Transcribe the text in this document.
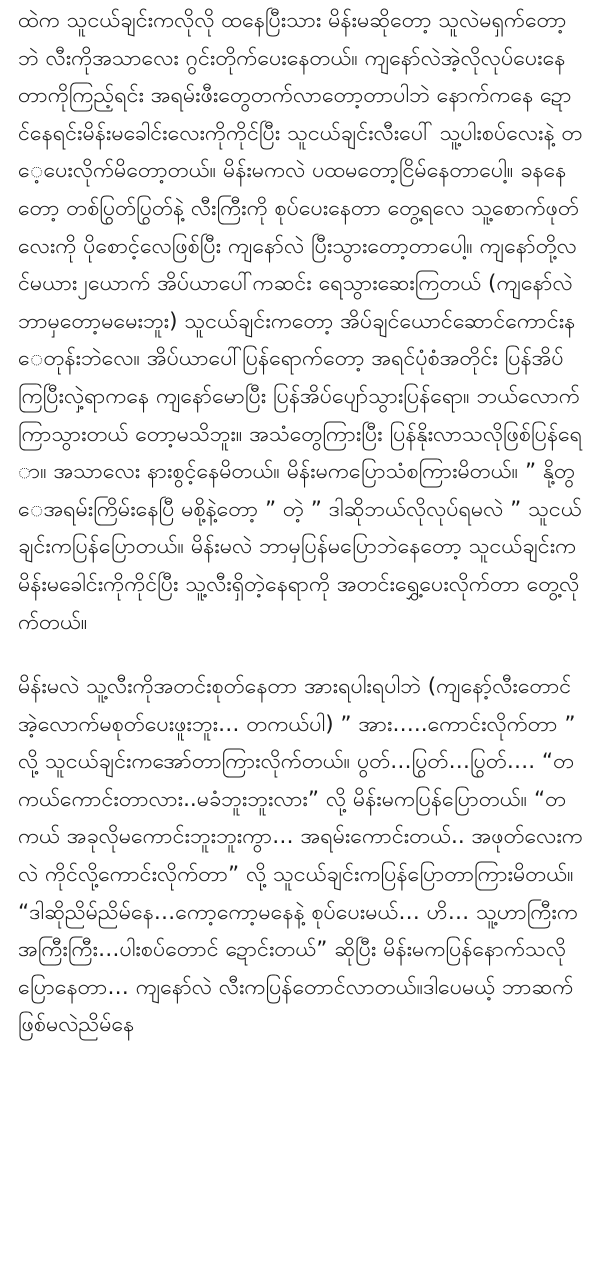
ထဲက သူငယ်ချင်းကလိုလို ထနေပြီးသား မိန်းမဆိုတော့ သူလဲမရှက်တော့ဘဲ လီးကိုအသာလေး ဂွင်းတိုက်ပေးနေတယ်။ ကျနော်လဲအဲ့လိုလုပ်ပေးနေတာကိုကြည့်ရင်း အရမ်းဖီးတွေတက်လာတော့တာပါဘဲ နောက်ကနေ ဍော င်နေရင်းမိန်းမခေါင်းလေးကိုကိုင်ပြီး သူငယ်ချင်းလီးပေါ် သူ့ပါးစပ်လေးနဲ့ တေ့ပေးလိုက်မိတော့တယ်။ မိန်းမကလဲ ပထမတော့ငြိမ်နေတာပေါ့။ ခနနေတော့ တစ်ပြွတ်ပြွတ်နဲ့ လီးကြီးကို စုပ်ပေးနေတာ တွေ့ရလေ သူ့စောက်ဖုတ်လေးကို ပိုစောင့်လေဖြစ်ပြီး ကျနော်လဲ ပြီးသွားတော့တာပေါ့။ ကျနော်တို့လင်မယား၂ယောက် အိပ်ယာပေါ်ကဆင်း ရေသွားဆေးကြတယ် (ကျနော်လဲ ဘာမှတော့မမေးဘူး) သူငယ်ချင်းကတော့ အိပ်ချင်ယောင်ဆောင်ကောင်းနေတုန်းဘဲလေ။ အိပ်ယာပေါ်ပြန်ရောက်တော့ အရင်ပုံစံအတိုင်း ပြန်အိပ်ကြပြီးလှဲ့ရာကနေ ကျနော်မောပြီး ပြန်အိပ်ပျော်သွားပြန်ရော။ ဘယ်လောက် ကြာသွားတယ် တော့မသိဘူး။ အသံတွေကြားပြီး ပြန်နိုးလာသလိုဖြစ်ပြန်ရော။ အသာလေး နားစွင့်နေမိတယ်။ မိန်းမကပြောသံစကြားမိတယ်။ ” နို့တွေအရမ်းကြိမ်းနေပြီ မစို့နဲ့တော့ ” တဲ့ ” ဒါဆိုဘယ်လိုလုပ်ရမလဲ ” သူငယ်ချင်းကပြန်ပြောတယ်။ မိန်းမလဲ ဘာမှပြန်မပြောဘဲနေတော့ သူငယ်ချင်းက မိန်းမခေါင်းကိုကိုင်ပြီး သူ့လီးရှိတဲ့နေရာကို အတင်းရွှေ့ပေးလိုက်တာ တွေ့လိုက်တယ်။

မိန်းမလဲ သူ့လီးကိုအတင်းစုတ်နေတာ အားရပါးရပါဘဲ (ကျနော့်လီးတောင် အဲ့လောက်မစုတ်ပေးဖူးဘူး… တကယ်ပါ) ” အား…..ကောင်းလိုက်တာ ” လို့ သူငယ်ချင်းကအော်တာကြားလိုက်တယ်။ ပွတ်…ပြွတ်…ပြွတ်…. “တကယ်ကောင်းတာလား..မခံဘူးဘူးလား” လို့ မိန်းမကပြန်ပြောတယ်။ “တကယ် အခုလိုမကောင်းဘူးဘူးကွာ… အရမ်းကောင်းတယ်.. အဖုတ်လေးကလဲ ကိုင်လို့ကောင်းလိုက်တာ” လို့ သူငယ်ချင်းကပြန်ပြောတာကြားမိတယ်။ “ဒါဆိုညိမ်ညိမ်နေ…ကော့ကော့မနေနဲ့ စုပ်ပေးမယ်… ဟိ… သူ့ဟာကြီးကအကြီးကြီး…ပါးစပ်တောင် ဍောင်းတယ်” ဆိုပြီး မိန်းမကပြန်နောက်သလို ပြောနေတာ… ကျနော်လဲ လီးကပြန်တောင်လာတယ်။ဒါပေမယ့် ဘာဆက်ဖြစ်မလဲညိမ်နေ
